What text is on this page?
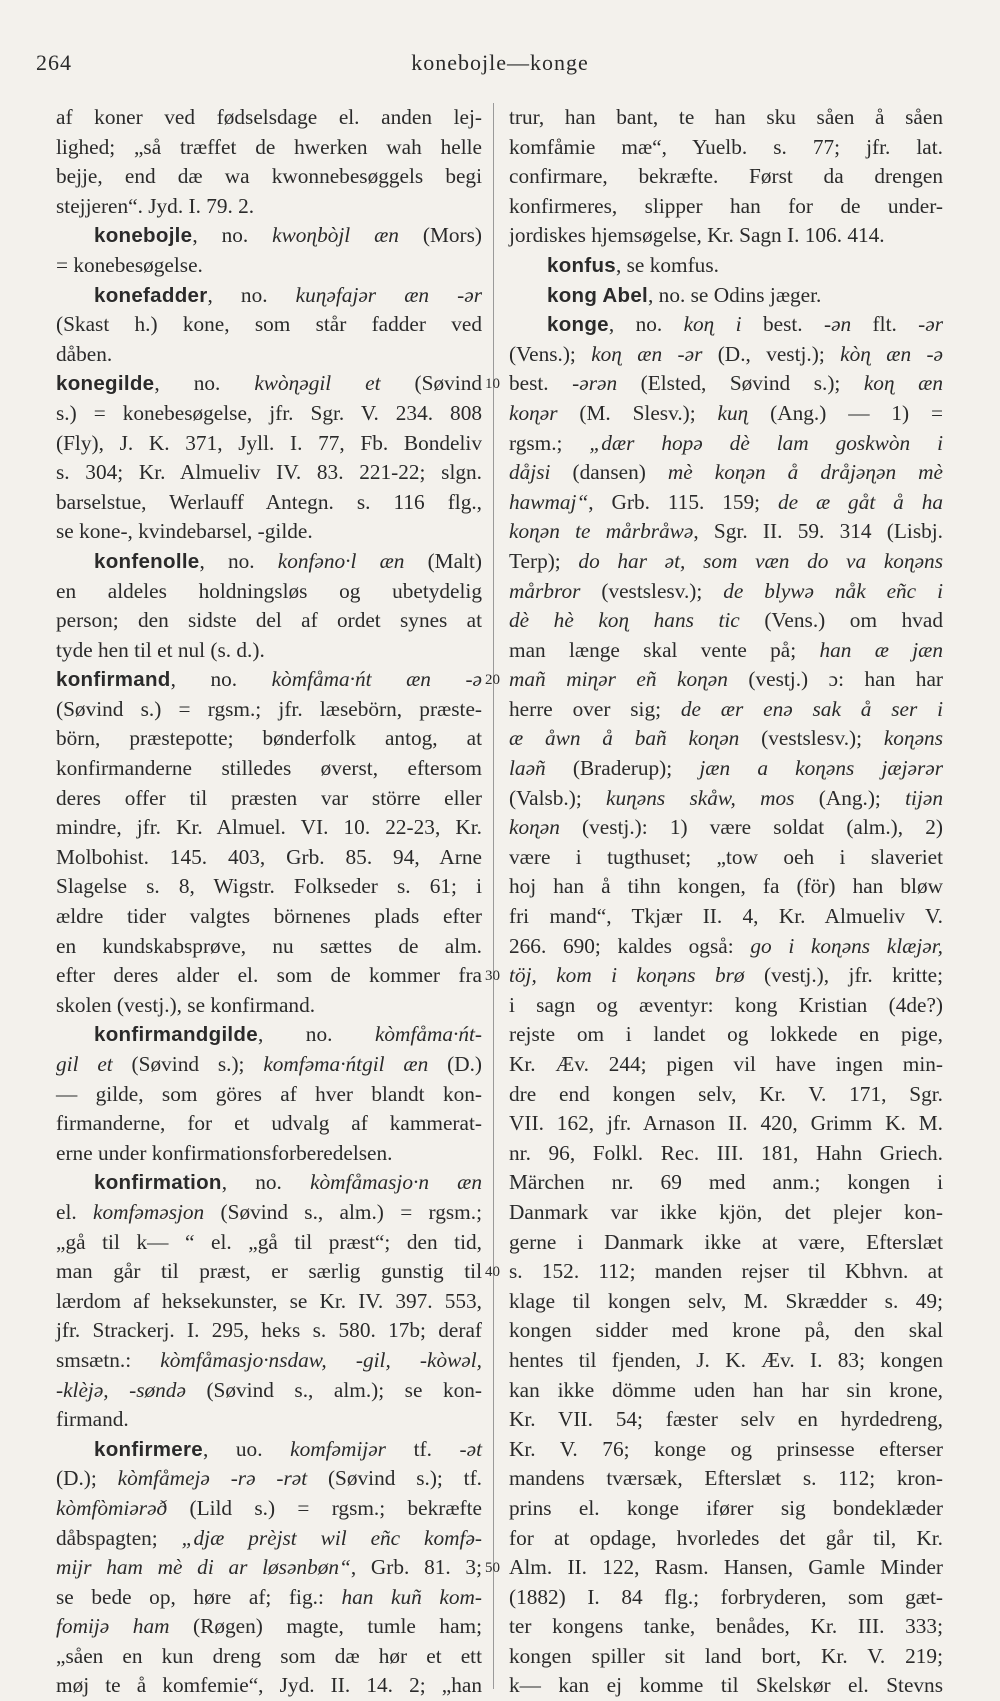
264	konebojle—konge
af koner ved fødselsdage el. anden lej-
lighed; „så træffet de hwerken wah helle
bejje, end dæ wa kwonnebesøggels begi
stejjeren“. Jyd. I. 79. 2.
konebojle, no. kwoɳbòjl æn (Mors)
= konebesøgelse.
konefadder, no. kuɳəfajər æn -ər
(Skast h.) kone, som står fadder ved
dåben.
konegilde, no. kwòɳəgil et (Søvind
s.) = konebesøgelse, jfr. Sgr. V. 234. 808
(Fly), J. K. 371, Jyll. I. 77, Fb. Bondeliv
s. 304; Kr. Almueliv IV. 83. 221-22; slgn.
barselstue, Werlauff Antegn. s. 116 flg.,
se kone-, kvindebarsel, -gilde.
konfenolle, no. konfəno·l æn (Malt)
en aldeles holdningsløs og ubetydelig
person; den sidste del af ordet synes at
tyde hen til et nul (s. d.).
konfirmand, no. kòmfåma·ńt æn -ə
(Søvind s.) = rgsm.; jfr. læsebörn, præste-
börn, præstepotte; bønderfolk antog, at
konfirmanderne stilledes øverst, eftersom
deres offer til præsten var större eller
mindre, jfr. Kr. Almuel. VI. 10. 22-23, Kr.
Molbohist. 145. 403, Grb. 85. 94, Arne
Slagelse s. 8, Wigstr. Folkseder s. 61; i
ældre tider valgtes börnenes plads efter
en kundskabsprøve, nu sættes de alm.
efter deres alder el. som de kommer fra
skolen (vestj.), se konfirmand.
konfirmandgilde, no. kòmfåma·ńt-
gil et (Søvind s.); komfəma·ńtgil æn (D.)
— gilde, som göres af hver blandt kon-
firmanderne, for et udvalg af kammerat-
erne under konfirmationsforberedelsen.
konfirmation, no. kòmfåmasjo·n æn
el. komfəməsjon (Søvind s., alm.) = rgsm.;
„gå til k— “ el. „gå til præst“; den tid,
man går til præst, er særlig gunstig til
lærdom af heksekunster, se Kr. IV. 397. 553,
jfr. Strackerj. I. 295, heks s. 580. 17b; deraf
smsætn.: kòmfåmasjo·nsdaw, -gil, -kòwəl,
-klèjə, -søndə (Søvind s., alm.); se kon-
firmand.
konfirmere, uo. komfəmijər tf. -ət
(D.); kòmfåmejə -rə -rət (Søvind s.); tf.
kòmfòmiərəð (Lild s.) = rgsm.; bekræfte
dåbspagten; „djæ prèjst wil eñc komfə-
mijr ham mè di ar løsənbøn“, Grb. 81. 3;
se bede op, høre af; fig.: han kuñ kom-
fomijə ham (Røgen) magte, tumle ham;
„såen en kun dreng som dæ hør et ett
møj te å komfemie“, Jyd. II. 14. 2; „han
trur, han bant, te han sku såen å såen
komfåmie mæ“, Yuelb. s. 77; jfr. lat.
confirmare, bekræfte. Først da drengen
konfirmeres, slipper han for de under-
jordiskes hjemsøgelse, Kr. Sagn I. 106. 414.
konfus, se komfus.
kong Abel, no. se Odins jæger.
konge, no. koɳ i best. -ən flt. -ər
(Vens.); koɳ æn -ər (D., vestj.); kòɳ æn -ə
best. -ərən (Elsted, Søvind s.); koɳ æn
koɳər (M. Slesv.); kuɳ (Ang.) — 1) =
rgsm.; „dær hopə dè lam goskwòn i
dåjsi (dansen) mè koɳən å dråjəɳən mè
hawmaj“, Grb. 115. 159; de æ gåt å ha
koɳən te mårbråwə, Sgr. II. 59. 314 (Lisbj.
Terp); do har ət, som væn do va koɳəns
mårbror (vestslesv.); de blywə nåk eñc i
dè hè koɳ hans tic (Vens.) om hvad
man længe skal vente på; han æ jæn
mañ miɳər eñ koɳən (vestj.) ɔ: han har
herre over sig; de ær enə sak å ser i
æ åwn å bañ koɳən (vestslesv.); koɳəns
laəñ (Braderup); jæn a koɳəns jæjərər
(Valsb.); kuɳəns skåw, mos (Ang.); tijən
koɳən (vestj.): 1) være soldat (alm.), 2)
være i tugthuset; „tow oeh i slaveriet
hoj han å tihn kongen, fa (för) han bløw
fri mand“, Tkjær II. 4, Kr. Almueliv V.
266. 690; kaldes også: go i koɳəns klæjər,
töj, kom i koɳəns brø (vestj.), jfr. kritte;
i sagn og æventyr: kong Kristian (4de?)
rejste om i landet og lokkede en pige,
Kr. Æv. 244; pigen vil have ingen min-
dre end kongen selv, Kr. V. 171, Sgr.
VII. 162, jfr. Arnason II. 420, Grimm K. M.
nr. 96, Folkl. Rec. III. 181, Hahn Griech.
Märchen nr. 69 med anm.; kongen i
Danmark var ikke kjön, det plejer kon-
gerne i Danmark ikke at være, Efterslæt
s. 152. 112; manden rejser til Kbhvn. at
klage til kongen selv, M. Skrædder s. 49;
kongen sidder med krone på, den skal
hentes til fjenden, J. K. Æv. I. 83; kongen
kan ikke dömme uden han har sin krone,
Kr. VII. 54; fæster selv en hyrdedreng,
Kr. V. 76; konge og prinsesse efterser
mandens tværsæk, Efterslæt s. 112; kron-
prins el. konge ifører sig bondeklæder
for at opdage, hvorledes det går til, Kr.
Alm. II. 122, Rasm. Hansen, Gamle Minder
(1882) I. 84 flg.; forbryderen, som gæt-
ter kongens tanke, benådes, Kr. III. 333;
kongen spiller sit land bort, Kr. V. 219;
k— kan ej komme til Skelskør el. Stevns
10
20
30
40
50
